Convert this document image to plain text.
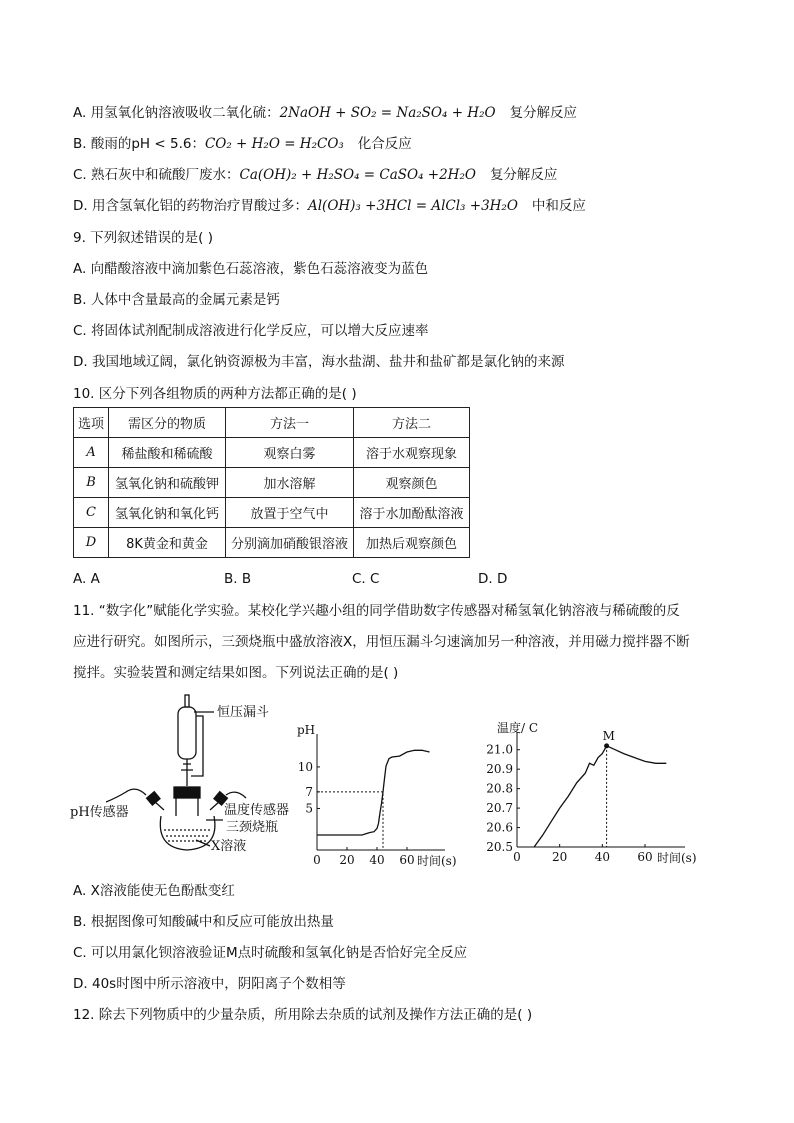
A. 用氢氧化钠溶液吸收二氧化硫：2NaOH + SO₂ = Na₂SO₄ + H₂O 复分解反应
B. 酸雨的pH < 5.6：CO₂ + H₂O = H₂CO₃ 化合反应
C. 熟石灰中和硫酸厂废水：Ca(OH)₂ + H₂SO₄ = CaSO₄ +2H₂O 复分解反应
D. 用含氢氧化铝的药物治疗胃酸过多：Al(OH)₃ +3HCl = AlCl₃ +3H₂O 中和反应
9. 下列叙述错误的是( )
A. 向醋酸溶液中滴加紫色石蕊溶液，紫色石蕊溶液变为蓝色
B. 人体中含量最高的金属元素是钙
C. 将固体试剂配制成溶液进行化学反应，可以增大反应速率
D. 我国地域辽阔，氯化钠资源极为丰富，海水盐湖、盐井和盐矿都是氯化钠的来源
10. 区分下列各组物质的两种方法都正确的是( )
选项	需区分的物质	方法一	方法二
A	稀盐酸和稀硫酸	观察白雾	溶于水观察现象
B	氢氧化钠和硫酸钾	加水溶解	观察颜色
C	氢氧化钠和氧化钙	放置于空气中	溶于水加酚酞溶液
D	8K黄金和黄金	分别滴加硝酸银溶液	加热后观察颜色
A. A	B. B	C. C	D. D
11. “数字化”赋能化学实验。某校化学兴趣小组的同学借助数字传感器对稀氢氧化钠溶液与稀硫酸的反
应进行研究。如图所示，三颈烧瓶中盛放溶液X，用恒压漏斗匀速滴加另一种溶液，并用磁力搅拌器不断
搅拌。实验装置和测定结果如图。下列说法正确的是( )
恒压漏斗
pH传感器	温度传感器
三颈烧瓶
X溶液
0 20 40 60
5
7
10
pH
时间(s)	0	20 40 60
20.5
20.6
20.7
20.8
20.9
21.0
温度/ C
时间(s)
M
A. X溶液能使无色酚酞变红
B. 根据图像可知酸碱中和反应可能放出热量
C. 可以用氯化钡溶液验证M点时硫酸和氢氧化钠是否恰好完全反应
D. 40s时图中所示溶液中，阴阳离子个数相等
12. 除去下列物质中的少量杂质，所用除去杂质的试剂及操作方法正确的是( )
